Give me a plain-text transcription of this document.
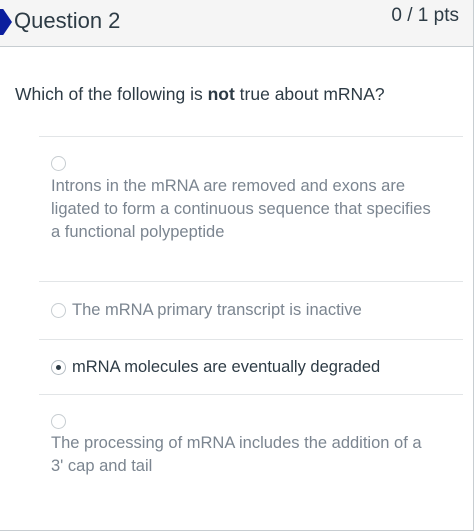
Question 2	0 / 1 pts
Which of the following is not true about mRNA?
Introns in the mRNA are removed and exons are
ligated to form a continuous sequence that specifies
a functional polypeptide
The mRNA primary transcript is inactive
mRNA molecules are eventually degraded
The processing of mRNA includes the addition of a
3' cap and tail
